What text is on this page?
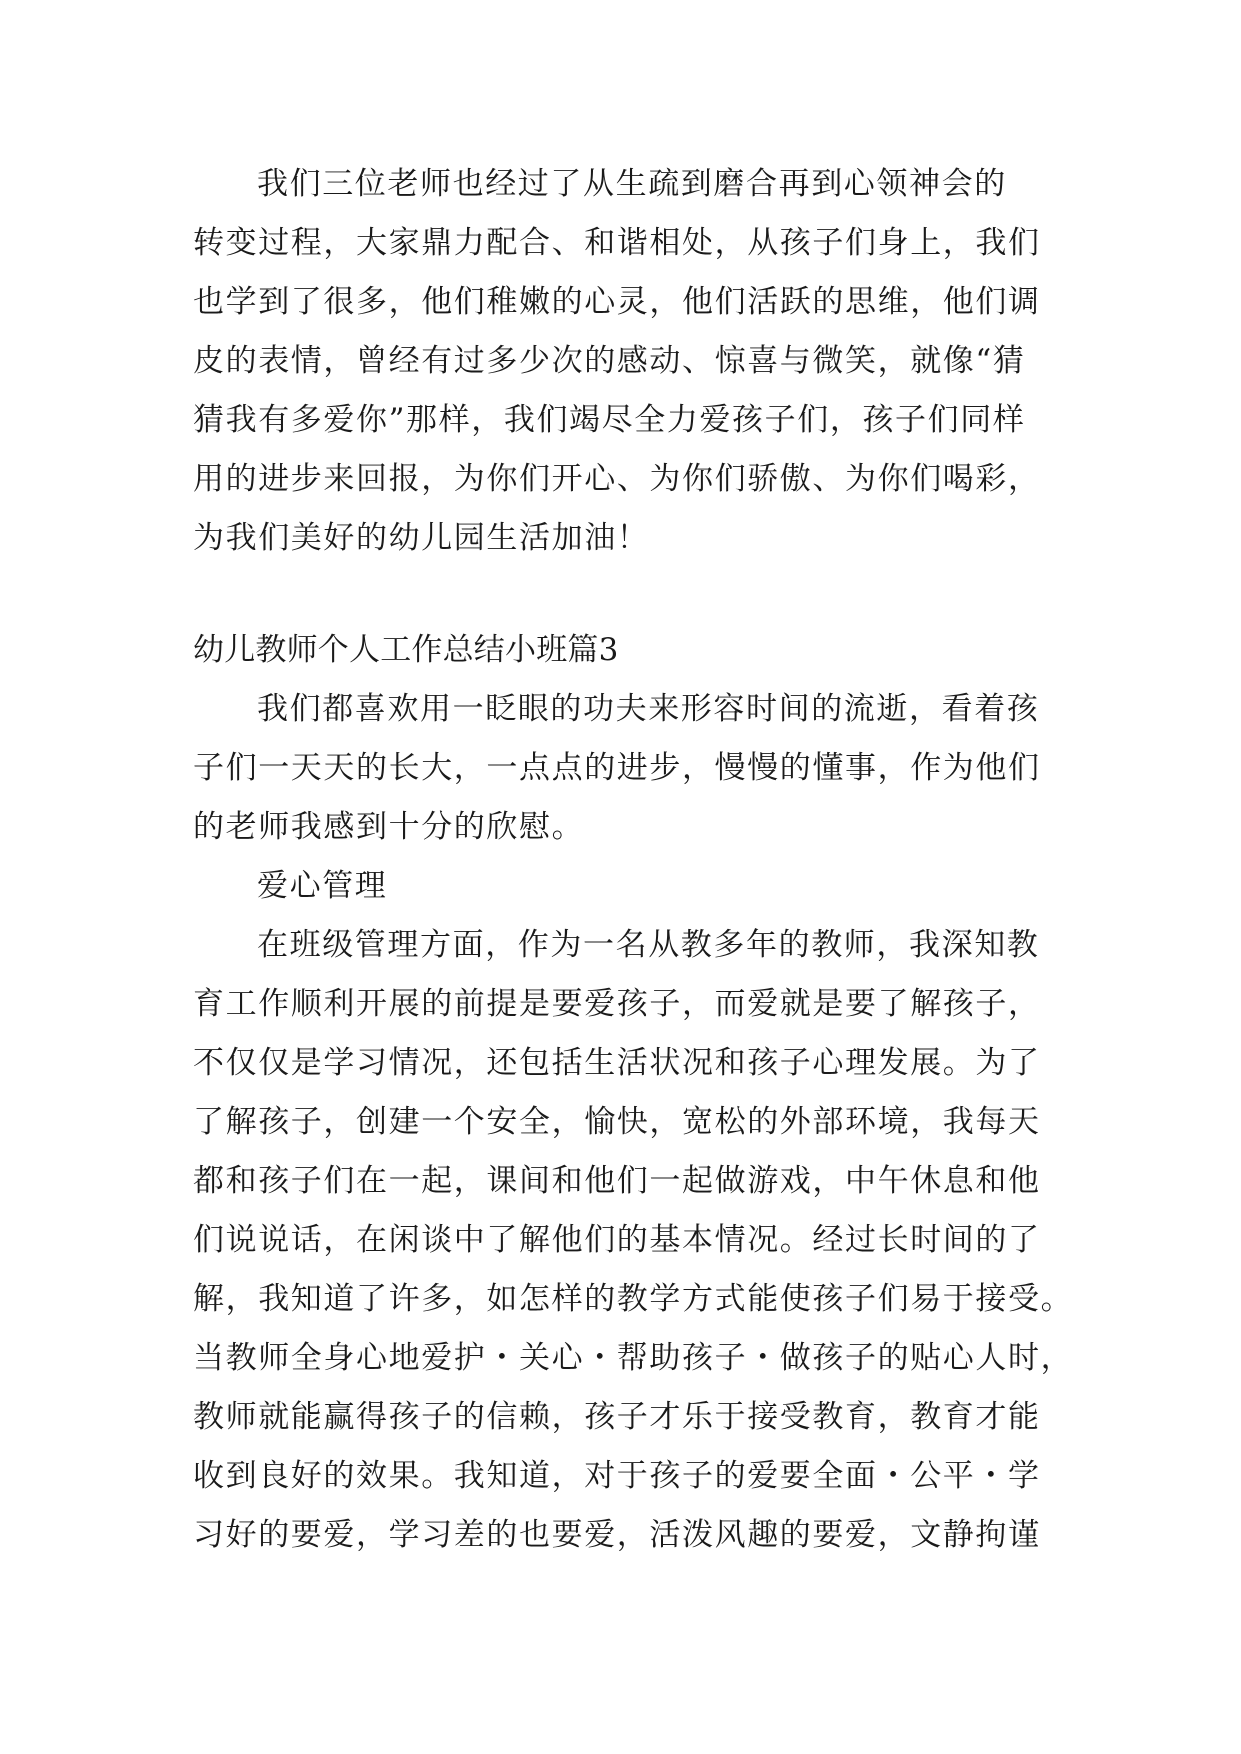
我们三位老师也经过了从生疏到磨合再到心领神会的
转变过程，大家鼎力配合、和谐相处，从孩子们身上，我们
也学到了很多，他们稚嫩的心灵，他们活跃的思维，他们调
皮的表情，曾经有过多少次的感动、惊喜与微笑，就像“猜
猜我有多爱你”那样，我们竭尽全力爱孩子们，孩子们同样
用的进步来回报，为你们开心、为你们骄傲、为你们喝彩，
为我们美好的幼儿园生活加油！
幼儿教师个人工作总结小班篇3
我们都喜欢用一眨眼的功夫来形容时间的流逝，看着孩
子们一天天的长大，一点点的进步，慢慢的懂事，作为他们
的老师我感到十分的欣慰。
爱心管理
在班级管理方面，作为一名从教多年的教师，我深知教
育工作顺利开展的前提是要爱孩子，而爱就是要了解孩子，
不仅仅是学习情况，还包括生活状况和孩子心理发展。为了
了解孩子，创建一个安全，愉快，宽松的外部环境，我每天
都和孩子们在一起，课间和他们一起做游戏，中午休息和他
们说说话，在闲谈中了解他们的基本情况。经过长时间的了
解，我知道了许多，如怎样的教学方式能使孩子们易于接受。
当教师全身心地爱护・关心・帮助孩子・做孩子的贴心人时，
教师就能赢得孩子的信赖，孩子才乐于接受教育，教育才能
收到良好的效果。我知道，对于孩子的爱要全面・公平・学
习好的要爱，学习差的也要爱，活泼风趣的要爱，文静拘谨
